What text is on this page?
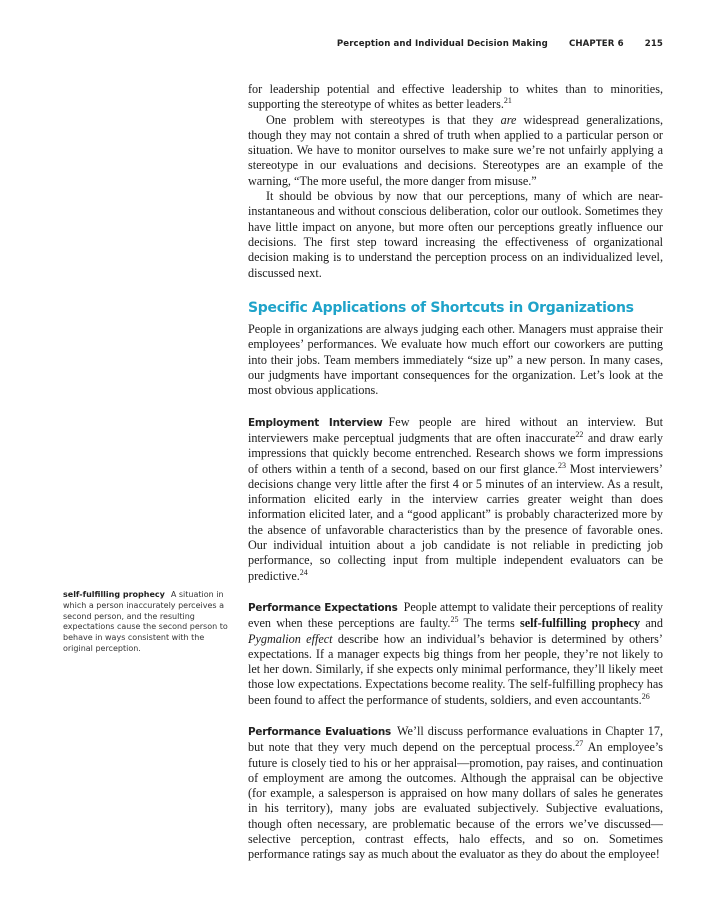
Perception and Individual Decision Making CHAPTER 6 215

for leadership potential and effective leadership to whites than to minorities, supporting the stereotype of whites as better leaders.$^{21}$

One problem with stereotypes is that they are widespread generalizations, though they may not contain a shred of truth when applied to a particular person or situation. We have to monitor ourselves to make sure we’re not unfairly applying a stereotype in our evaluations and decisions. Stereotypes are an example of the warning, “The more useful, the more danger from misuse.”

It should be obvious by now that our perceptions, many of which are near-instantaneous and without conscious deliberation, color our outlook. Sometimes they have little impact on anyone, but more often our perceptions greatly influence our decisions. The first step toward increasing the effectiveness of organizational decision making is to understand the perception process on an individualized level, discussed next.

Specific Applications of Shortcuts in Organizations

People in organizations are always judging each other. Managers must appraise their employees’ performances. We evaluate how much effort our coworkers are putting into their jobs. Team members immediately “size up” a new person. In many cases, our judgments have important consequences for the organization. Let’s look at the most obvious applications.

Employment Interview Few people are hired without an interview. But interviewers make perceptual judgments that are often inaccurate$^{22}$ and draw early impressions that quickly become entrenched. Research shows we form impressions of others within a tenth of a second, based on our first glance.$^{23}$ Most interviewers’ decisions change very little after the first 4 or 5 minutes of an interview. As a result, information elicited early in the interview carries greater weight than does information elicited later, and a “good applicant” is probably characterized more by the absence of unfavorable characteristics than by the presence of favorable ones. Our individual intuition about a job candidate is not reliable in predicting job performance, so collecting input from multiple independent evaluators can be predictive.$^{24}$

Performance Expectations People attempt to validate their perceptions of reality even when these perceptions are faulty.$^{25}$ The terms self-fulfilling prophecy and Pygmalion effect describe how an individual’s behavior is determined by others’ expectations. If a manager expects big things from her people, they’re not likely to let her down. Similarly, if she expects only minimal performance, they’ll likely meet those low expectations. Expectations become reality. The self-fulfilling prophecy has been found to affect the performance of students, soldiers, and even accountants.$^{26}$

Performance Evaluations We’ll discuss performance evaluations in Chapter 17, but note that they very much depend on the perceptual process.$^{27}$ An employee’s future is closely tied to his or her appraisal—promotion, pay raises, and continuation of employment are among the outcomes. Although the appraisal can be objective (for example, a salesperson is appraised on how many dollars of sales he generates in his territory), many jobs are evaluated subjectively. Subjective evaluations, though often necessary, are problematic because of the errors we’ve discussed—selective perception, contrast effects, halo effects, and so on. Sometimes performance ratings say as much about the evaluator as they do about the employee!

self-fulfilling prophecy A situation in which a person inaccurately perceives a second person, and the resulting expectations cause the second person to behave in ways consistent with the original perception.
